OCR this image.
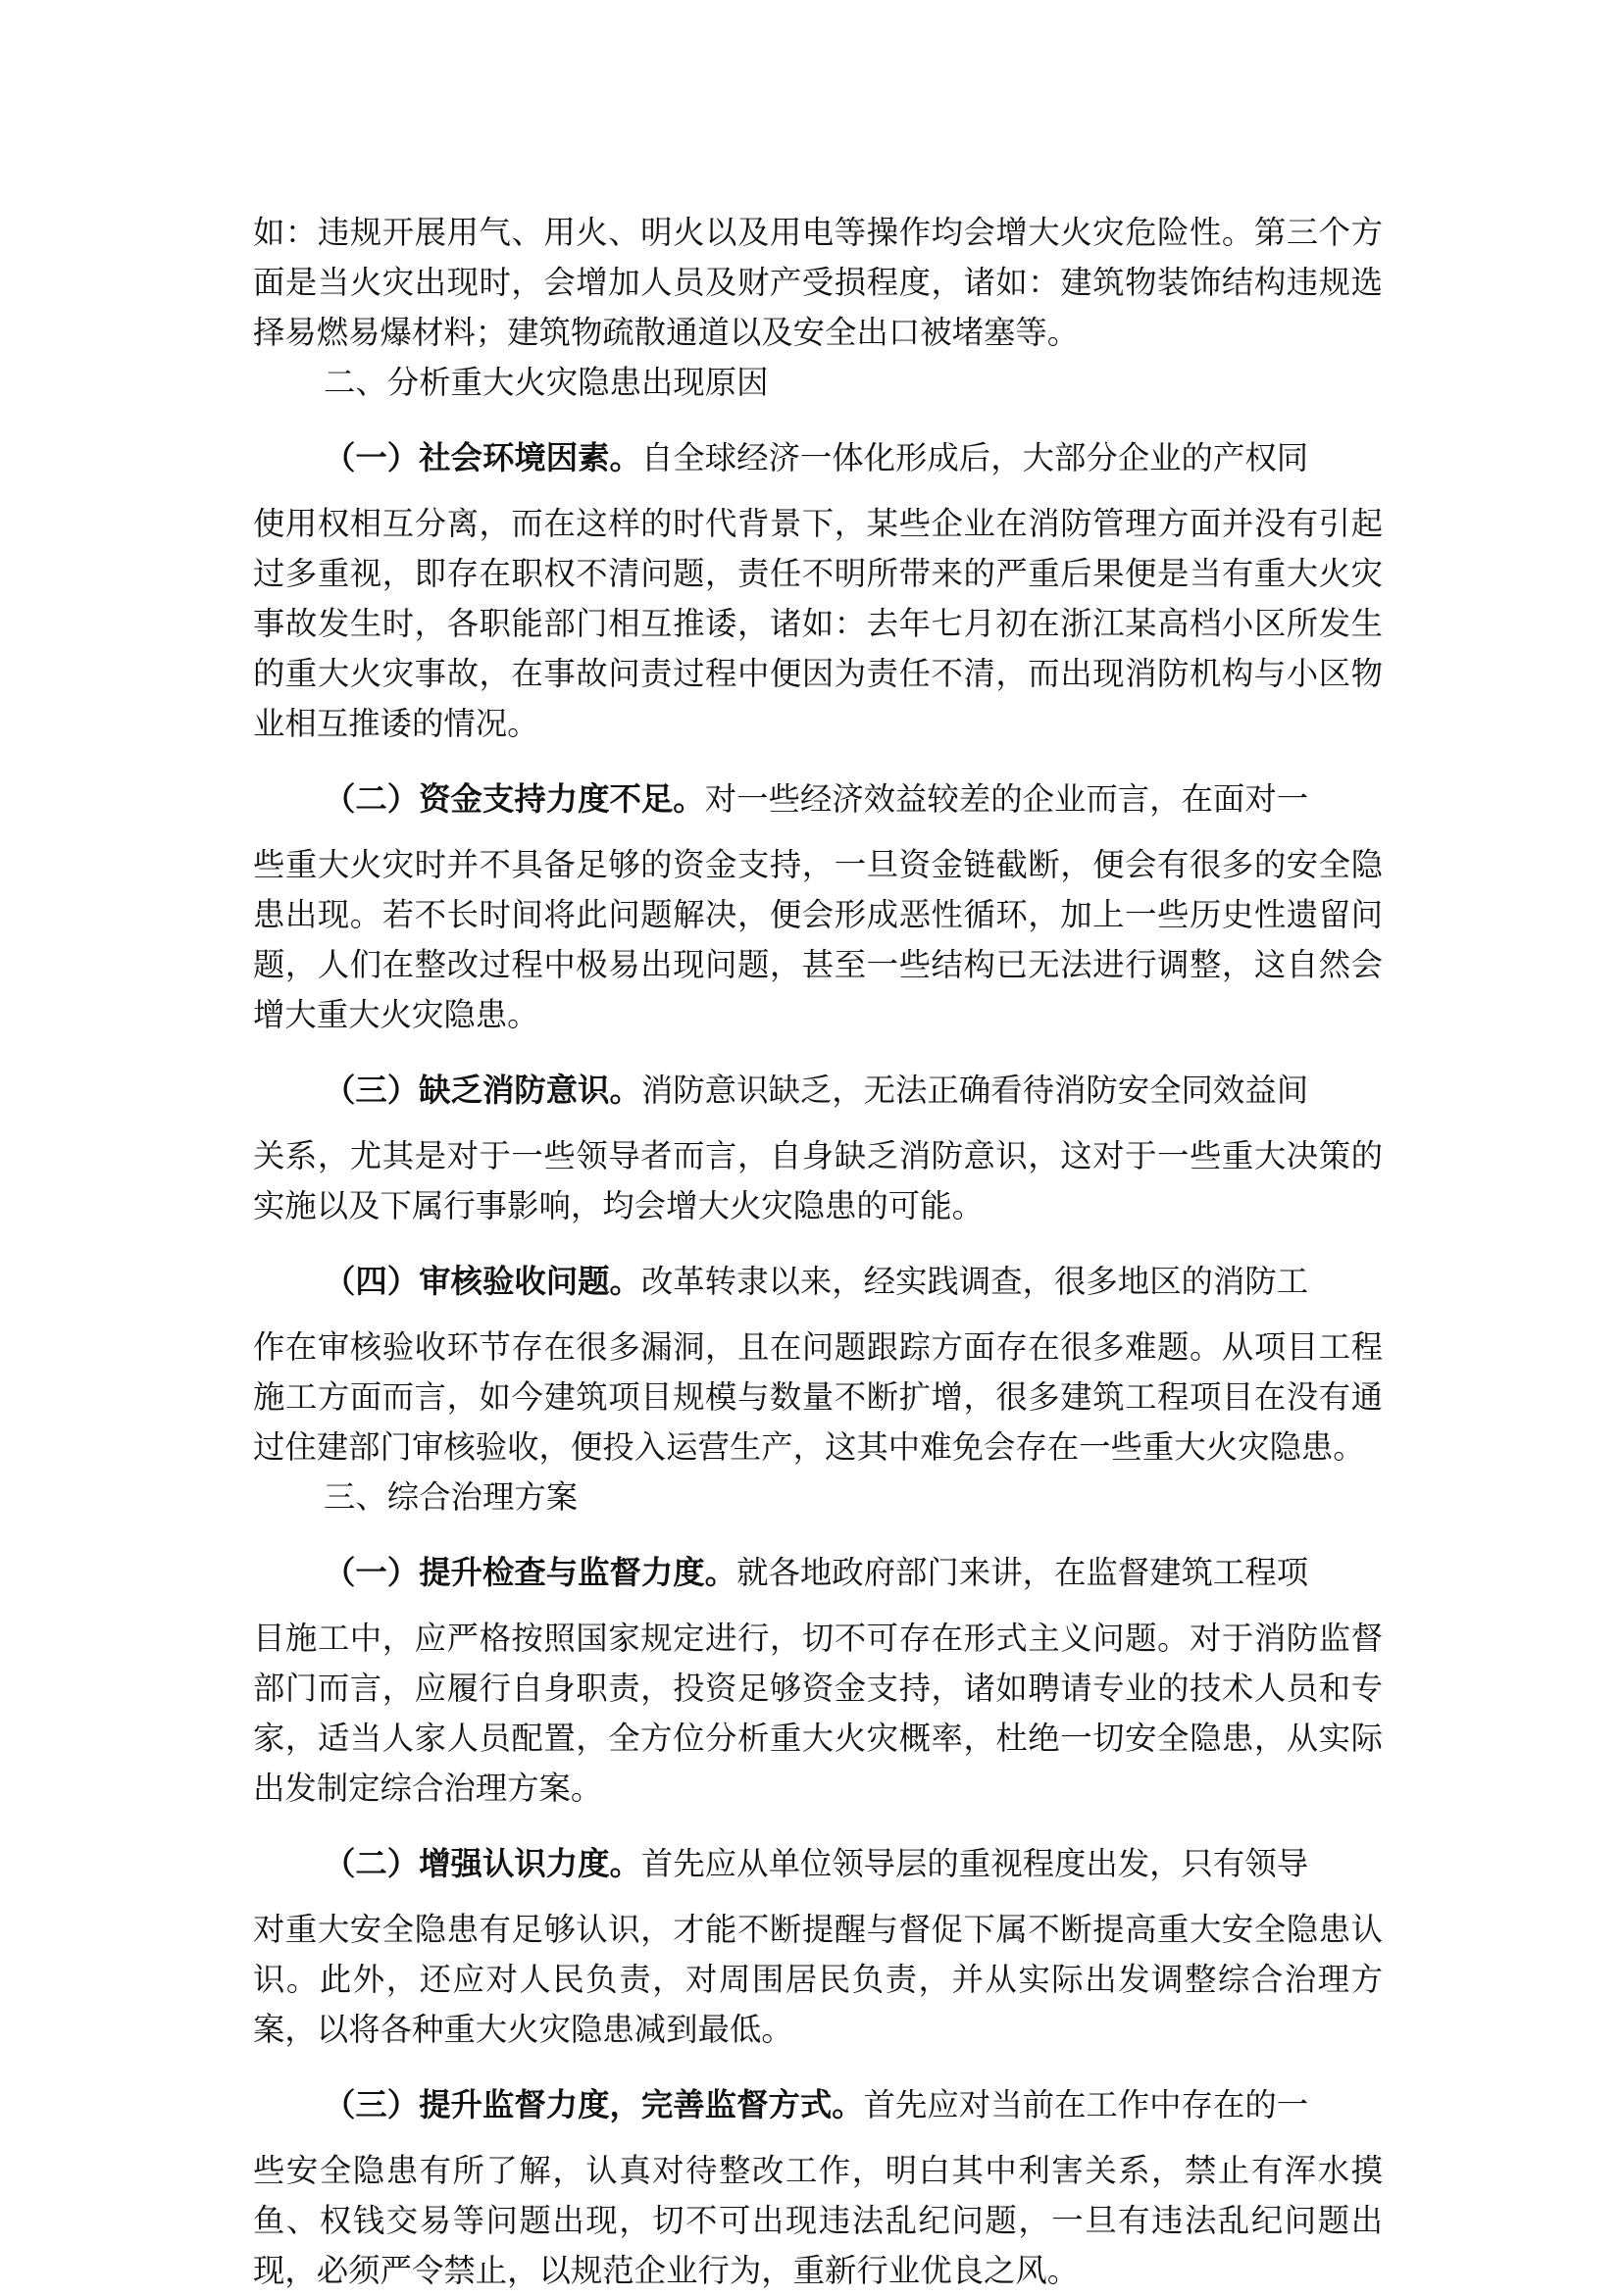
如：违规开展用气、用火、明火以及用电等操作均会增大火灾危险性。第三个方面是当火灾出现时，会增加人员及财产受损程度，诸如：建筑物装饰结构违规选择易燃易爆材料；建筑物疏散通道以及安全出口被堵塞等。

二、分析重大火灾隐患出现原因

（一）社会环境因素。自全球经济一体化形成后，大部分企业的产权同
使用权相互分离，而在这样的时代背景下，某些企业在消防管理方面并没有引起过多重视，即存在职权不清问题，责任不明所带来的严重后果便是当有重大火灾事故发生时，各职能部门相互推诿，诸如：去年七月初在浙江某高档小区所发生的重大火灾事故，在事故问责过程中便因为责任不清，而出现消防机构与小区物业相互推诿的情况。
（二）资金支持力度不足。对一些经济效益较差的企业而言，在面对一
些重大火灾时并不具备足够的资金支持，一旦资金链截断，便会有很多的安全隐患出现。若不长时间将此问题解决，便会形成恶性循环，加上一些历史性遗留问题，人们在整改过程中极易出现问题，甚至一些结构已无法进行调整，这自然会增大重大火灾隐患。
（三）缺乏消防意识。消防意识缺乏，无法正确看待消防安全同效益间
关系，尤其是对于一些领导者而言，自身缺乏消防意识，这对于一些重大决策的实施以及下属行事影响，均会增大火灾隐患的可能。
（四）审核验收问题。改革转隶以来，经实践调查，很多地区的消防工
作在审核验收环节存在很多漏洞，且在问题跟踪方面存在很多难题。从项目工程施工方面而言，如今建筑项目规模与数量不断扩增，很多建筑工程项目在没有通过住建部门审核验收，便投入运营生产，这其中难免会存在一些重大火灾隐患。

三、综合治理方案

（一）提升检查与监督力度。就各地政府部门来讲，在监督建筑工程项
目施工中，应严格按照国家规定进行，切不可存在形式主义问题。对于消防监督部门而言，应履行自身职责，投资足够资金支持，诸如聘请专业的技术人员和专家，适当人家人员配置，全方位分析重大火灾概率，杜绝一切安全隐患，从实际出发制定综合治理方案。
（二）增强认识力度。首先应从单位领导层的重视程度出发，只有领导
对重大安全隐患有足够认识，才能不断提醒与督促下属不断提高重大安全隐患认识。此外，还应对人民负责，对周围居民负责，并从实际出发调整综合治理方案，以将各种重大火灾隐患减到最低。
（三）提升监督力度，完善监督方式。首先应对当前在工作中存在的一
些安全隐患有所了解，认真对待整改工作，明白其中利害关系，禁止有浑水摸鱼、权钱交易等问题出现，切不可出现违法乱纪问题，一旦有违法乱纪问题出现，必须严令禁止，以规范企业行为，重新行业优良之风。
